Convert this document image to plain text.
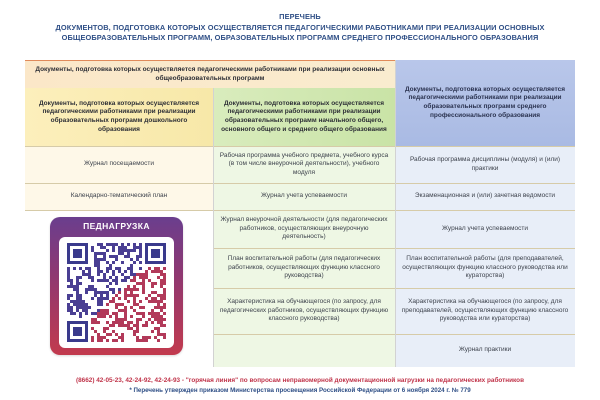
ПЕРЕЧЕНЬ
ДОКУМЕНТОВ, ПОДГОТОВКА КОТОРЫХ ОСУЩЕСТВЛЯЕТСЯ ПЕДАГОГИЧЕСКИМИ РАБОТНИКАМИ ПРИ РЕАЛИЗАЦИИ ОСНОВНЫХ
ОБЩЕОБРАЗОВАТЕЛЬНЫХ ПРОГРАММ, ОБРАЗОВАТЕЛЬНЫХ ПРОГРАММ СРЕДНЕГО ПРОФЕССИОНАЛЬНОГО ОБРАЗОВАНИЯ
Документы, подготовка которых осуществляется педагогическими работниками при реализации основных общеобразовательных программ
Документы, подготовка которых осуществляется педагогическими работниками при реализации образовательных программ дошкольного образования
Документы, подготовка которых осуществляется педагогическими работниками при реализации образовательных программ начального общего, основного общего и среднего общего образования
Документы, подготовка которых осуществляется педагогическими работниками при реализации образовательных программ среднего профессионального образования
Журнал посещаемости
Календарно-тематический план
Рабочая программа учебного предмета, учебного курса (в том числе внеурочной деятельности), учебного модуля
Журнал учета успеваемости
Журнал внеурочной деятельности (для педагогических работников, осуществляющих внеурочную деятельность)
План воспитательной работы (для педагогических работников, осуществляющих функцию классного руководства)
Характеристика на обучающегося (по запросу, для педагогических работников, осуществляющих функцию классного руководства)
Рабочая программа дисциплины (модуля) и (или) практики
Экзаменационная и (или) зачетная ведомости
Журнал учета успеваемости
План воспитательной работы (для преподавателей, осуществляющих функцию классного руководства или кураторства)
Характеристика на обучающегося (по запросу, для преподавателей, осуществляющих функцию классного руководства или кураторства)
Журнал практики
ПЕДНАГРУЗКА
(8662) 42-05-23, 42-24-92, 42-24-93 - "горячая линия" по вопросам неправомерной документационной нагрузки на педагогических работников
* Перечень утвержден приказом Министерства просвещения Российской Федерации от 6 ноября 2024 г. № 779
